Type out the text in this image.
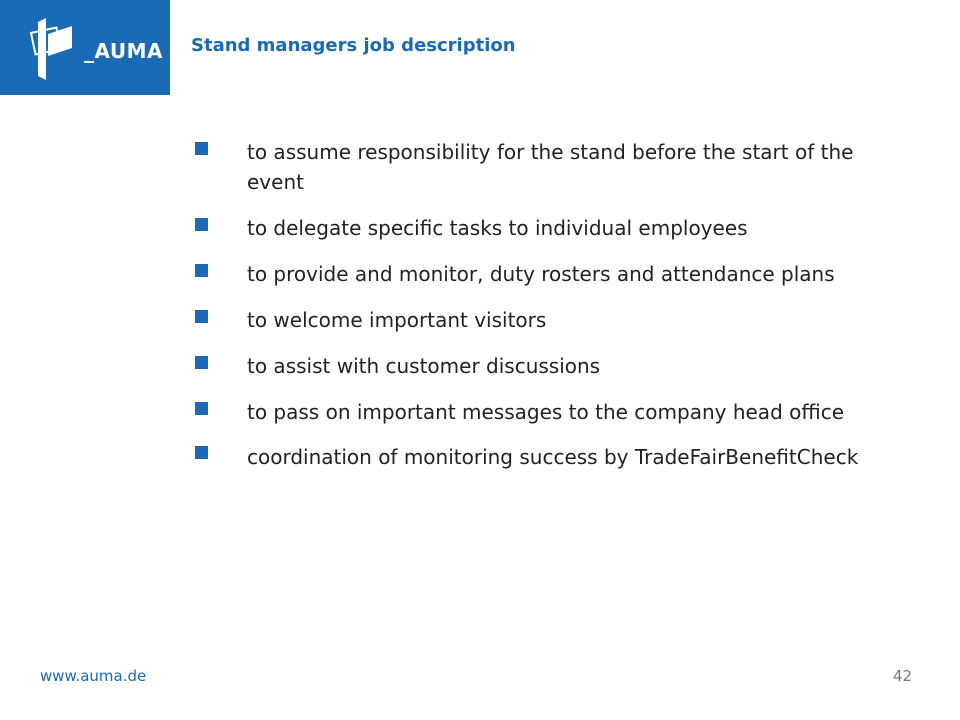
_AUMA Stand managers job description
to assume responsibility for the stand before the start of the event
to delegate specific tasks to individual employees
to provide and monitor, duty rosters and attendance plans
to welcome important visitors
to assist with customer discussions
to pass on important messages to the company head office
coordination of monitoring success by TradeFairBenefitCheck
www.auma.de	42
